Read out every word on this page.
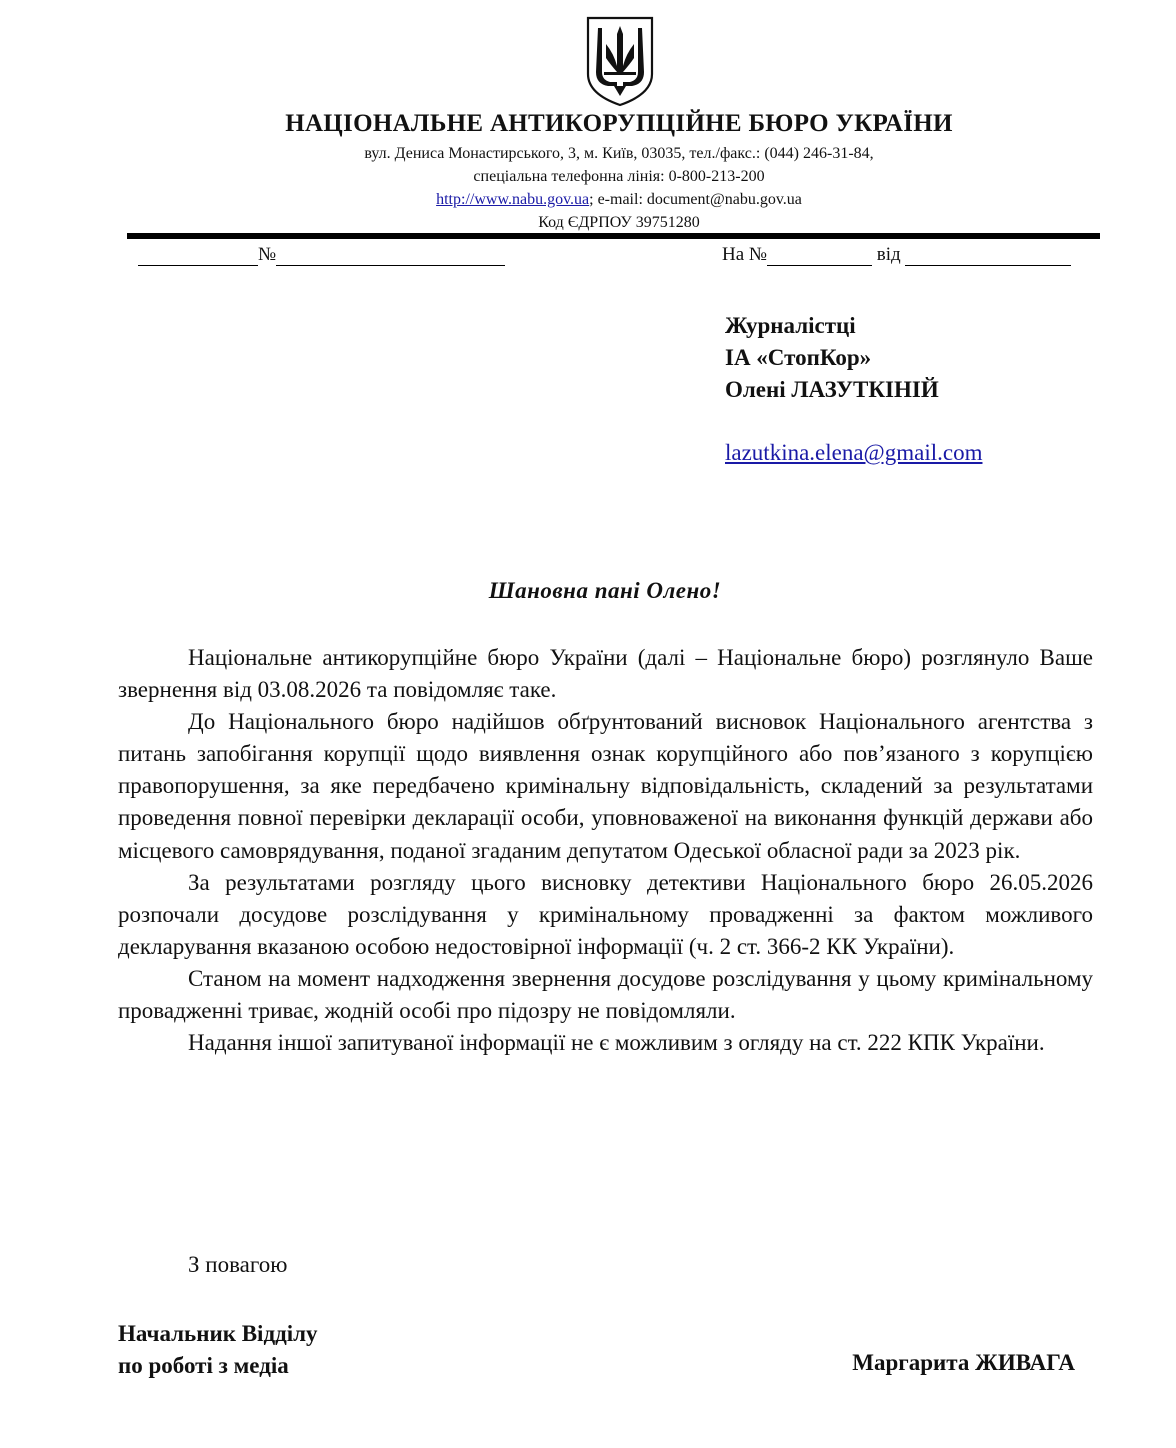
НАЦІОНАЛЬНЕ АНТИКОРУПЦІЙНЕ БЮРО УКРАЇНИ
вул. Дениса Монастирського, 3, м. Київ, 03035, тел./факс.: (044) 246-31-84,
спеціальна телефонна лінія: 0-800-213-200
http://www.nabu.gov.ua; e-mail: document@nabu.gov.ua
Код ЄДРПОУ 39751280
№	На №	від
Журналістці
ІА «СтопКор»
Олені ЛАЗУТКІНІЙ
lazutkina.elena@gmail.com
Шановна пані Олено!

Національне антикорупційне бюро України (далі – Національне бюро) розглянуло Ваше звернення від 03.08.2026 та повідомляє таке.

До Національного бюро надійшов обґрунтований висновок Національного агентства з питань запобігання корупції щодо виявлення ознак корупційного або пов’язаного з корупцією правопорушення, за яке передбачено кримінальну відповідальність, складений за результатами проведення повної перевірки декларації особи, уповноваженої на виконання функцій держави або місцевого самоврядування, поданої згаданим депутатом Одеської обласної ради за 2023 рік.

За результатами розгляду цього висновку детективи Національного бюро 26.05.2026 розпочали досудове розслідування у кримінальному провадженні за фактом можливого декларування вказаною особою недостовірної інформації (ч. 2 ст. 366-2 КК України).

Станом на момент надходження звернення досудове розслідування у цьому кримінальному провадженні триває, жодній особі про підозру не повідомляли.

Надання іншої запитуваної інформації не є можливим з огляду на ст. 222 КПК України.

З повагою
Начальник Відділу
по роботі з медіа	Маргарита ЖИВАГА
